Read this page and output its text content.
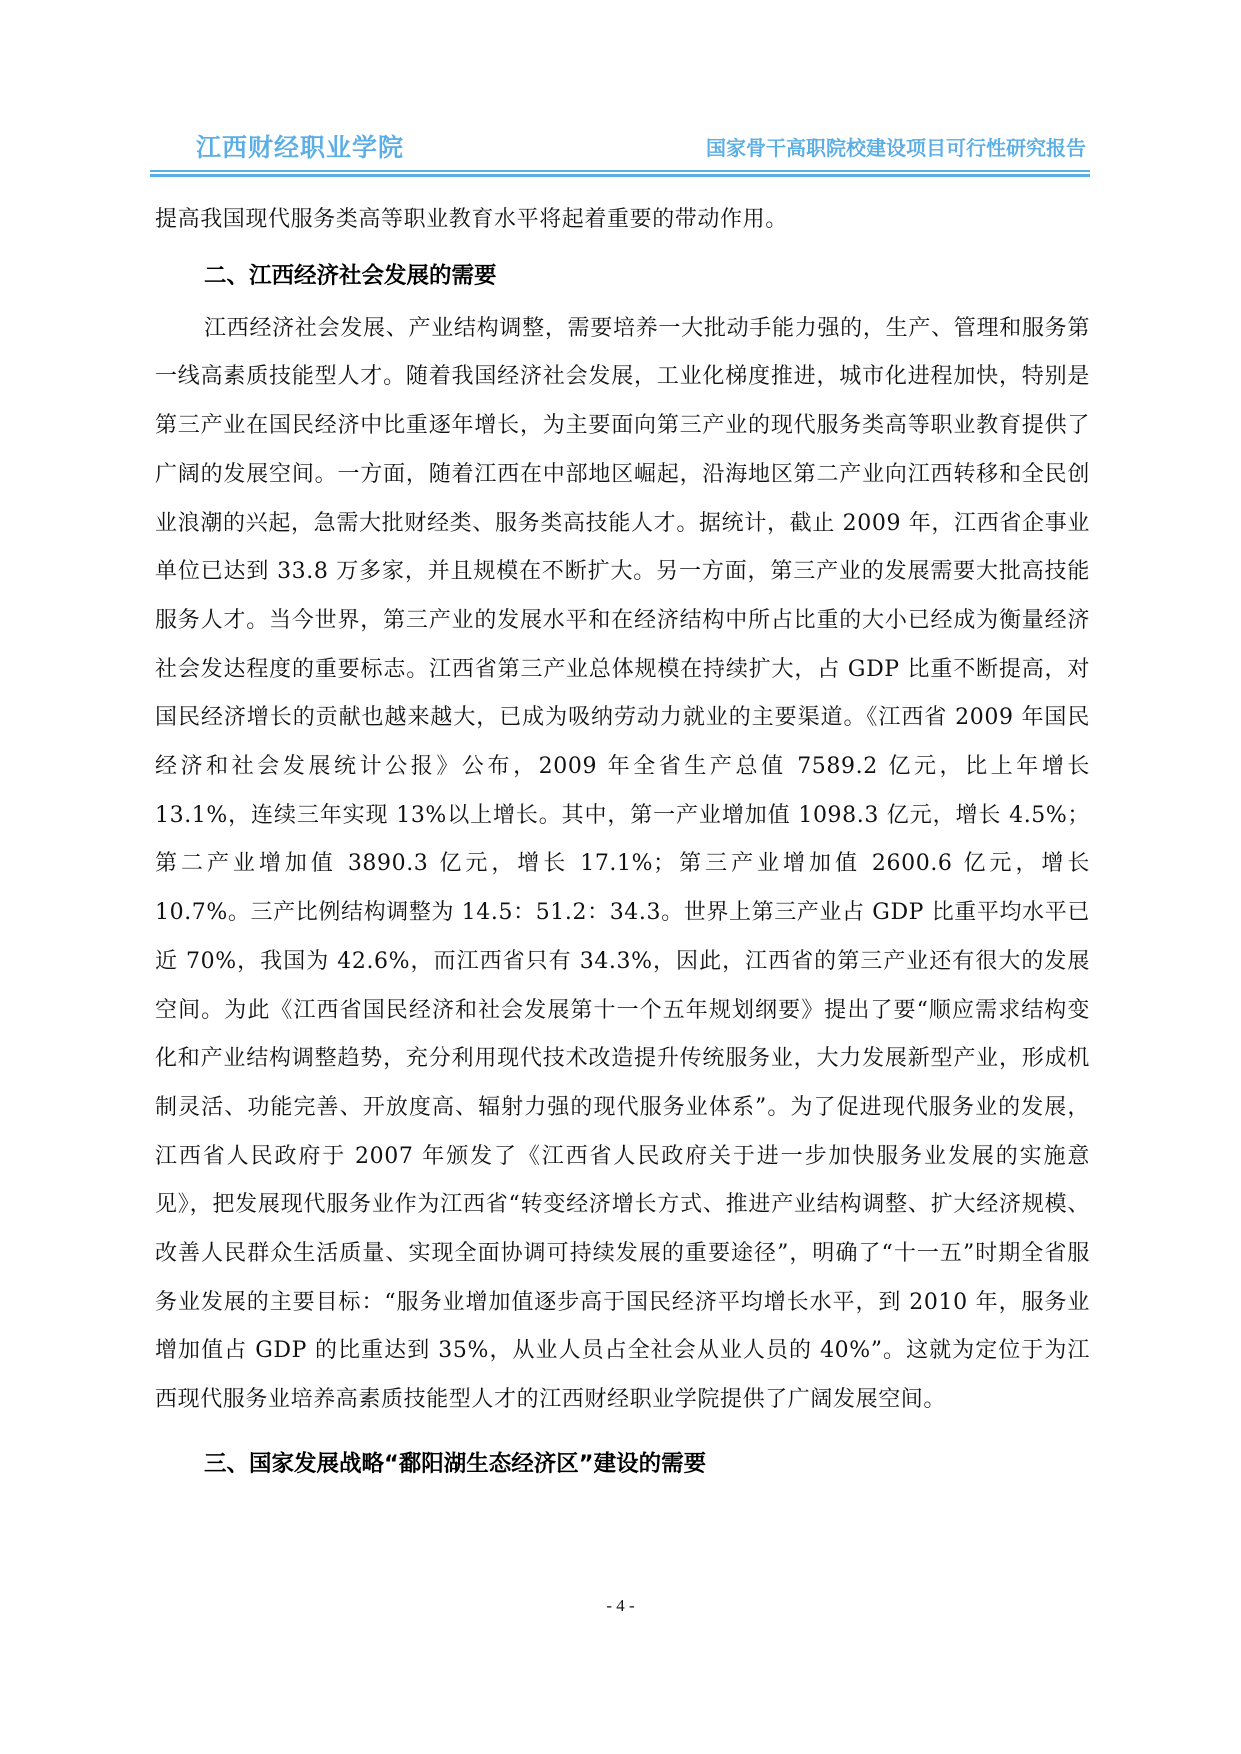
江西财经职业学院	国家骨干高职院校建设项目可行性研究报告

提高我国现代服务类高等职业教育水平将起着重要的带动作用。

二、江西经济社会发展的需要

江西经济社会发展、产业结构调整，需要培养一大批动手能力强的，生产、管理和服务第一线高素质技能型人才。随着我国经济社会发展，工业化梯度推进，城市化进程加快，特别是第三产业在国民经济中比重逐年增长，为主要面向第三产业的现代服务类高等职业教育提供了广阔的发展空间。一方面，随着江西在中部地区崛起，沿海地区第二产业向江西转移和全民创业浪潮的兴起，急需大批财经类、服务类高技能人才。据统计，截止 2009 年，江西省企事业单位已达到 33.8 万多家，并且规模在不断扩大。另一方面，第三产业的发展需要大批高技能服务人才。当今世界，第三产业的发展水平和在经济结构中所占比重的大小已经成为衡量经济社会发达程度的重要标志。江西省第三产业总体规模在持续扩大，占 GDP 比重不断提高，对国民经济增长的贡献也越来越大，已成为吸纳劳动力就业的主要渠道。《江西省 2009 年国民经济和社会发展统计公报》公布，2009 年全省生产总值 7589.2 亿元，比上年增长 13.1%，连续三年实现 13%以上增长。其中，第一产业增加值 1098.3 亿元，增长 4.5%；第二产业增加值 3890.3 亿元，增长 17.1%；第三产业增加值 2600.6 亿元，增长 10.7%。三产比例结构调整为 14.5：51.2：34.3。世界上第三产业占 GDP 比重平均水平已近 70%，我国为 42.6%，而江西省只有 34.3%，因此，江西省的第三产业还有很大的发展空间。为此《江西省国民经济和社会发展第十一个五年规划纲要》提出了要“顺应需求结构变化和产业结构调整趋势，充分利用现代技术改造提升传统服务业，大力发展新型产业，形成机制灵活、功能完善、开放度高、辐射力强的现代服务业体系”。为了促进现代服务业的发展，江西省人民政府于 2007 年颁发了《江西省人民政府关于进一步加快服务业发展的实施意见》，把发展现代服务业作为江西省“转变经济增长方式、推进产业结构调整、扩大经济规模、改善人民群众生活质量、实现全面协调可持续发展的重要途径”，明确了“十一五”时期全省服务业发展的主要目标：“服务业增加值逐步高于国民经济平均增长水平，到 2010 年，服务业增加值占 GDP 的比重达到 35%，从业人员占全社会从业人员的 40%”。这就为定位于为江西现代服务业培养高素质技能型人才的江西财经职业学院提供了广阔发展空间。

三、国家发展战略“鄱阳湖生态经济区”建设的需要
- 4 -
